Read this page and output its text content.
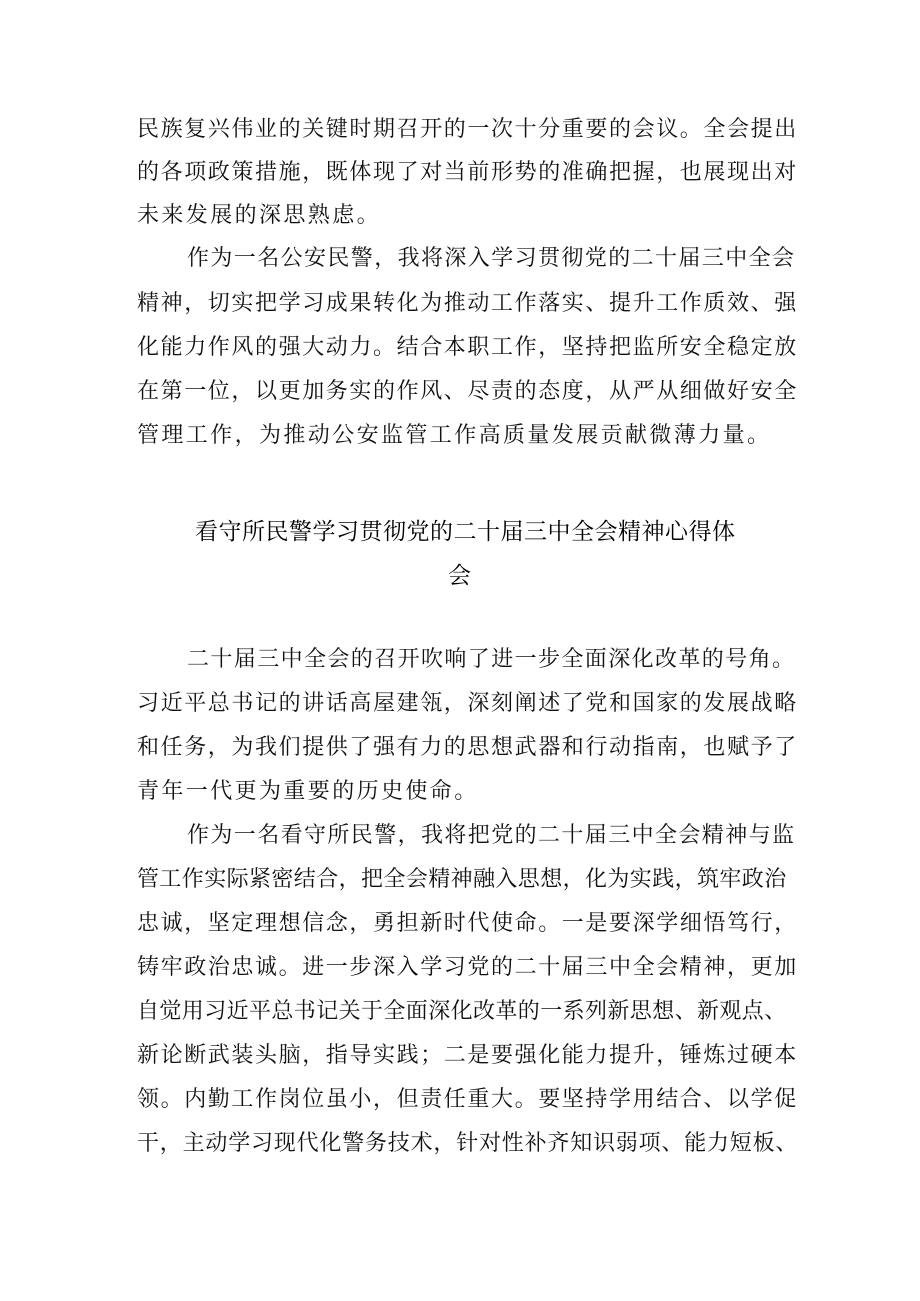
民族复兴伟业的关键时期召开的一次十分重要的会议。全会提出
的各项政策措施，既体现了对当前形势的准确把握，也展现出对
未来发展的深思熟虑。
作为一名公安民警，我将深入学习贯彻党的二十届三中全会
精神，切实把学习成果转化为推动工作落实、提升工作质效、强
化能力作风的强大动力。结合本职工作，坚持把监所安全稳定放
在第一位，以更加务实的作风、尽责的态度，从严从细做好安全
管理工作，为推动公安监管工作高质量发展贡献微薄力量。
看守所民警学习贯彻党的二十届三中全会精神心得体
会
二十届三中全会的召开吹响了进一步全面深化改革的号角。
习近平总书记的讲话高屋建瓴，深刻阐述了党和国家的发展战略
和任务，为我们提供了强有力的思想武器和行动指南，也赋予了
青年一代更为重要的历史使命。
作为一名看守所民警，我将把党的二十届三中全会精神与监
管工作实际紧密结合，把全会精神融入思想，化为实践，筑牢政治
忠诚，坚定理想信念，勇担新时代使命。一是要深学细悟笃行，
铸牢政治忠诚。进一步深入学习党的二十届三中全会精神，更加
自觉用习近平总书记关于全面深化改革的一系列新思想、新观点、
新论断武装头脑，指导实践；二是要强化能力提升，锤炼过硬本
领。内勤工作岗位虽小，但责任重大。要坚持学用结合、以学促
干，主动学习现代化警务技术，针对性补齐知识弱项、能力短板、
